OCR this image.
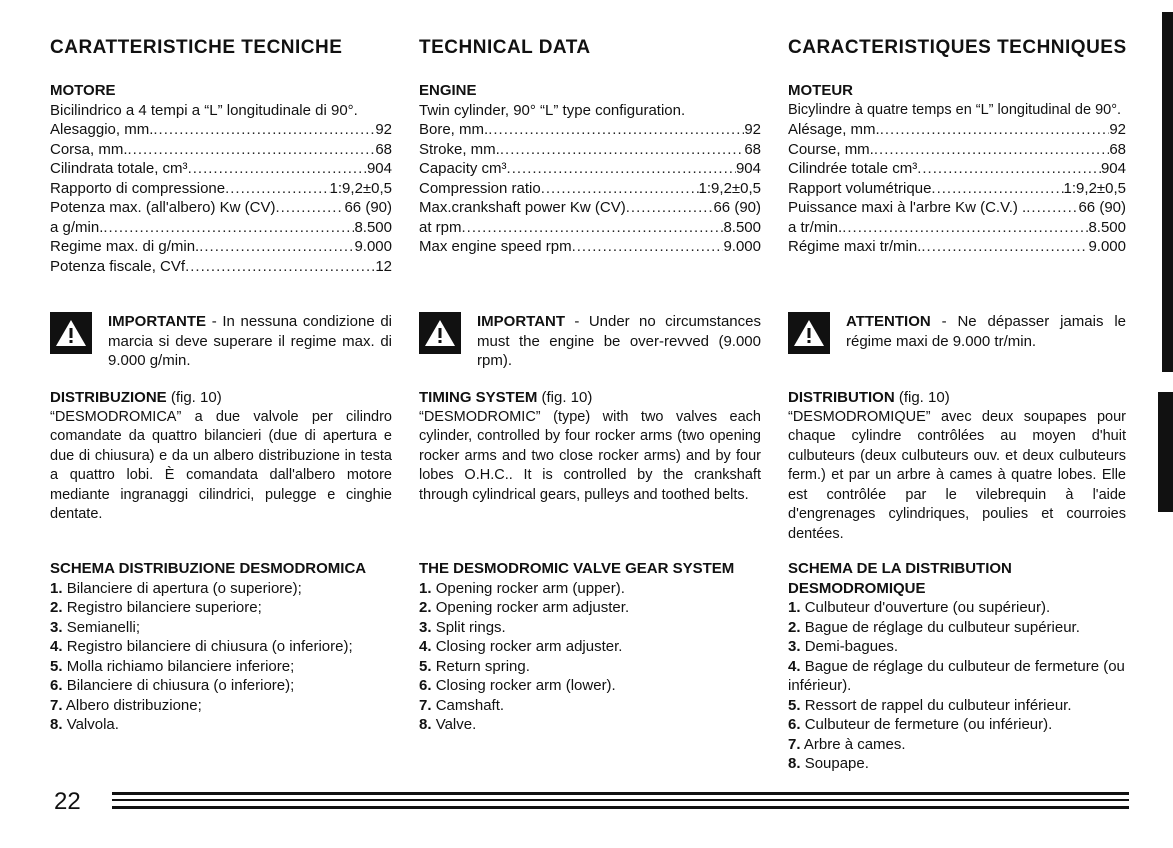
CARATTERISTICHE TECNICHE
MOTORE
Bicilindrico a 4 tempi a “L” longitudinale di 90°.
Alesaggio, mm. .....	92
Corsa, mm. .....	68
Cilindrata totale, cm³ .....	904
Rapporto di compressione .....	1:9,2±0,5
Potenza max. (all'albero) Kw (CV) .....	66 (90)
a g/min. .....	8.500
Regime max. di g/min. .....	9.000
Potenza fiscale, CVf .....	12
IMPORTANTE - In nessuna condizione di marcia si deve superare il regime max. di 9.000 g/min.
DISTRIBUZIONE (fig. 10)
“DESMODROMICA” a due valvole per cilindro comandate da quattro bilancieri (due di apertura e due di chiusura) e da un albero distribuzione in testa a quattro lobi. È comandata dall'albero motore mediante ingranaggi cilindrici, pulegge e cinghie dentate.
SCHEMA DISTRIBUZIONE DESMODROMICA
1. Bilanciere di apertura (o superiore);
2. Registro bilanciere superiore;
3. Semianelli;
4. Registro bilanciere di chiusura (o inferiore);
5. Molla richiamo bilanciere inferiore;
6. Bilanciere di chiusura (o inferiore);
7. Albero distribuzione;
8. Valvola.
TECHNICAL DATA
ENGINE
Twin cylinder, 90° “L” type configuration.
Bore, mm. .....	92
Stroke, mm. .....	68
Capacity cm³ .....	904
Compression ratio .....	1:9,2±0,5
Max.crankshaft power Kw (CV) .....	66 (90)
at rpm .....	8.500
Max engine speed rpm .....	9.000
IMPORTANT - Under no circumstances must the engine be over-revved (9.000 rpm).
TIMING SYSTEM (fig. 10)
“DESMODROMIC” (type) with two valves each cylinder, controlled by four rocker arms (two opening rocker arms and two close rocker arms) and by four lobes O.H.C.. It is controlled by the crankshaft through cylindrical gears, pulleys and toothed belts.
THE DESMODROMIC VALVE GEAR SYSTEM
1. Opening rocker arm (upper).
2. Opening rocker arm adjuster.
3. Split rings.
4. Closing rocker arm adjuster.
5. Return spring.
6. Closing rocker arm (lower).
7. Camshaft.
8. Valve.
CARACTERISTIQUES TECHNIQUES
MOTEUR
Bicylindre à quatre temps en “L” longitudinal de 90°.
Alésage, mm. .....	92
Course, mm. .....	68
Cilindrée totale cm³ .....	904
Rapport volumétrique .....	1:9,2±0,5
Puissance maxi à l'arbre Kw (C.V.) . .....	66 (90)
a tr/min. .....	8.500
Régime maxi tr/min. .....	9.000
ATTENTION - Ne dépasser jamais le régime maxi de 9.000 tr/min.
DISTRIBUTION (fig. 10)
“DESMODROMIQUE” avec deux soupapes pour chaque cylindre contrôlées au moyen d'huit culbuteurs (deux culbuteurs ouv. et deux culbuteurs ferm.) et par un arbre à cames à quatre lobes. Elle est contrôlée par le vilebrequin à l'aide d'engrenages cylindriques, poulies et courroies dentées.
SCHEMA DE LA DISTRIBUTION DESMODROMIQUE
1. Culbuteur d'ouverture (ou supérieur).
2. Bague de réglage du culbuteur supérieur.
3. Demi-bagues.
4. Bague de réglage du culbuteur de fermeture (ou inférieur).
5. Ressort de rappel du culbuteur inférieur.
6. Culbuteur de fermeture (ou inférieur).
7. Arbre à cames.
8. Soupape.
22
